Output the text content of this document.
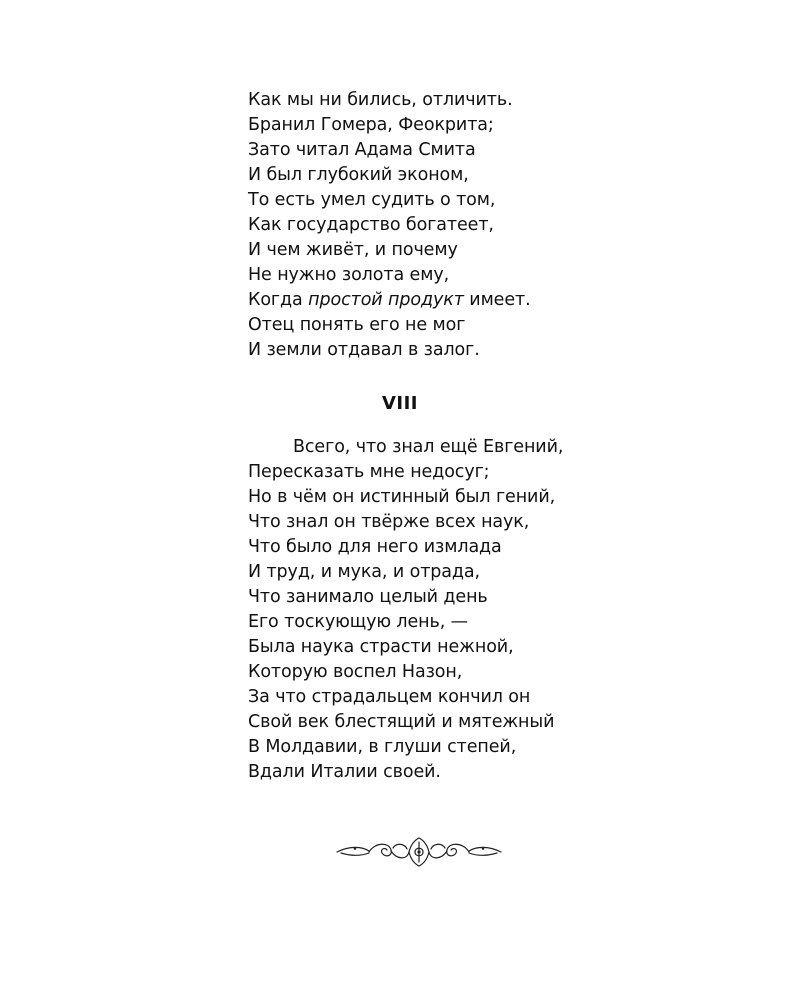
Как мы ни бились, отличить.
Бранил Гомера, Феокрита;
Зато читал Адама Смита
И был глубокий эконом,
То есть умел судить о том,
Как государство богатеет,
И чем живёт, и почему
Не нужно золота ему,
Когда простой продукт имеет.
Отец понять его не мог
И земли отдавал в залог.
VIII
Всего, что знал ещё Евгений,
Пересказать мне недосуг;
Но в чём он истинный был гений,
Что знал он твёрже всех наук,
Что было для него измлада
И труд, и мука, и отрада,
Что занимало целый день
Его тоскующую лень, —
Была наука страсти нежной,
Которую воспел Назон,
За что страдальцем кончил он
Свой век блестящий и мятежный
В Молдавии, в глуши степей,
Вдали Италии своей.
